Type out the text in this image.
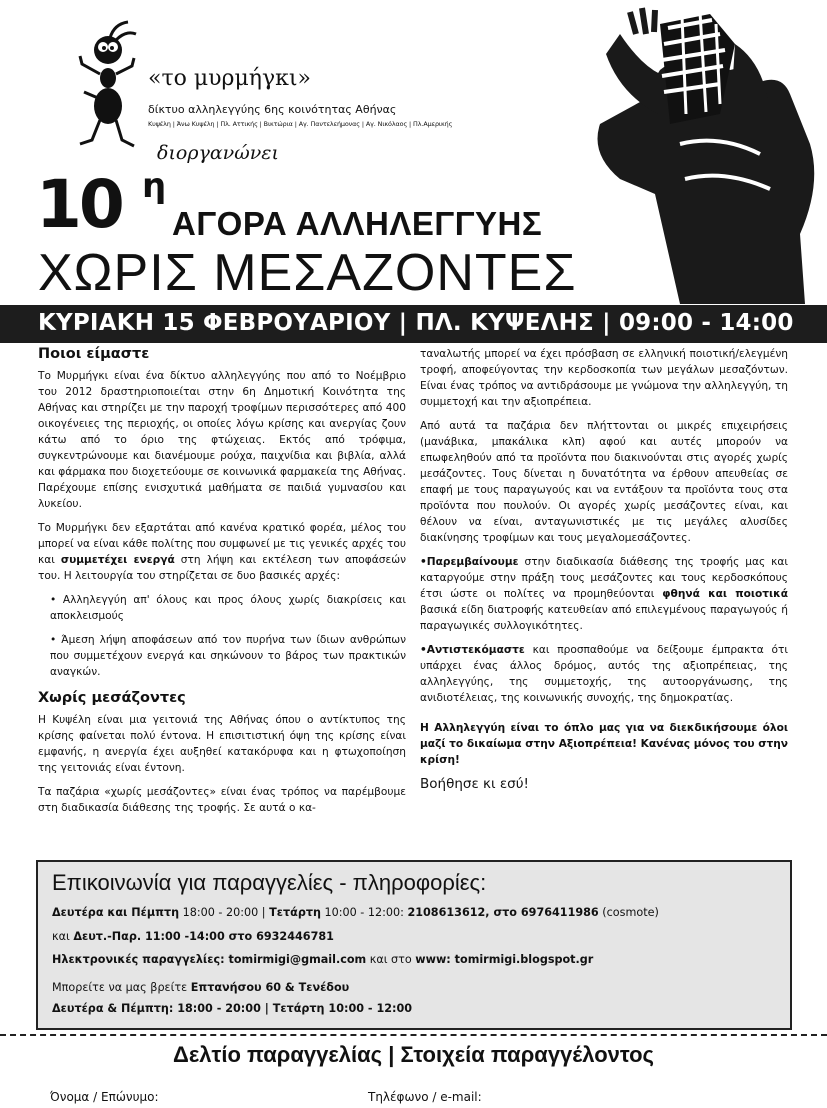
«το μυρμήγκι»
δίκτυο αλληλεγγύης 6ης κοινότητας Αθήνας
Κυψέλη | Άνω Κυψέλη | Πλ. Αττικής | Βικτώρια | Αγ. Παντελεήμονας | Αγ. Νικόλαος | Πλ.Αμερικής
διοργανώνει
10 η
ΑΓΟΡΑ ΑΛΛΗΛΕΓΓΥΗΣ
ΧΩΡΙΣ ΜΕΣΑΖΟΝΤΕΣ
ΚΥΡΙΑΚΗ 15 ΦΕΒΡΟΥΑΡΙΟΥ | ΠΛ. ΚΥΨΕΛΗΣ | 09:00 - 14:00
Ποιοι είμαστε

Το Μυρμήγκι είναι ένα δίκτυο αλληλεγγύης που από το Νοέμβριο του 2012 δραστηριοποιείται στην 6η Δημοτική Κοινότητα της Αθήνας και στηρίζει με την παροχή τροφίμων περισσότερες από 400 οικογένειες της περιοχής, οι οποίες λόγω κρίσης και ανεργίας ζουν κάτω από το όριο της φτώχειας. Εκτός από τρόφιμα, συγκεντρώνουμε και διανέμουμε ρούχα, παιχνίδια και βιβλία, αλλά και φάρμακα που διοχετεύουμε σε κοινωνικά φαρμακεία της Αθήνας. Παρέχουμε επίσης ενισχυτικά μαθήματα σε παιδιά γυμνασίου και λυκείου.

Το Μυρμήγκι δεν εξαρτάται από κανένα κρατικό φορέα, μέλος του μπορεί να είναι κάθε πολίτης που συμφωνεί με τις γενικές αρχές του και συμμετέχει ενεργά στη λήψη και εκτέλεση των αποφάσεών του. Η λειτουργία του στηρίζεται σε δυο βασικές αρχές:

• Αλληλεγγύη απ' όλους και προς όλους χωρίς διακρίσεις και αποκλεισμούς

• Άμεση λήψη αποφάσεων από τον πυρήνα των ίδιων ανθρώπων που συμμετέχουν ενεργά και σηκώνουν το βάρος των πρακτικών αναγκών.

Χωρίς μεσάζοντες

Η Κυψέλη είναι μια γειτονιά της Αθήνας όπου ο αντίκτυπος της κρίσης φαίνεται πολύ έντονα. Η επισιτιστική όψη της κρίσης είναι εμφανής, η ανεργία έχει αυξηθεί κατακόρυφα και η φτωχοποίηση της γειτονιάς είναι έντονη.

Τα παζάρια «χωρίς μεσάζοντες» είναι ένας τρόπος να παρέμβουμε στη διαδικασία διάθεσης της τροφής. Σε αυτά ο κα-

ταναλωτής μπορεί να έχει πρόσβαση σε ελληνική ποιοτική/ελεγμένη τροφή, αποφεύγοντας την κερδοσκοπία των μεγάλων μεσαζόντων. Είναι ένας τρόπος να αντιδράσουμε με γνώμονα την αλληλεγγύη, τη συμμετοχή και την αξιοπρέπεια.

Από αυτά τα παζάρια δεν πλήττονται οι μικρές επιχειρήσεις (μανάβικα, μπακάλικα κλπ) αφού και αυτές μπορούν να επωφεληθούν από τα προϊόντα που διακινούνται στις αγορές χωρίς μεσάζοντες. Τους δίνεται η δυνατότητα να έρθουν απευθείας σε επαφή με τους παραγωγούς και να εντάξουν τα προϊόντα τους στα προϊόντα που πουλούν. Οι αγορές χωρίς μεσάζοντες είναι, και θέλουν να είναι, ανταγωνιστικές με τις μεγάλες αλυσίδες διακίνησης τροφίμων και τους μεγαλομεσάζοντες.

•Παρεμβαίνουμε στην διαδικασία διάθεσης της τροφής μας και καταργούμε στην πράξη τους μεσάζοντες και τους κερδοσκόπους έτσι ώστε οι πολίτες να προμηθεύονται φθηνά και ποιοτικά βασικά είδη διατροφής κατευθείαν από επιλεγμένους παραγωγούς ή παραγωγικές συλλογικότητες.

•Αντιστεκόμαστε και προσπαθούμε να δείξουμε έμπρακτα ότι υπάρχει ένας άλλος δρόμος, αυτός της αξιοπρέπειας, της αλληλεγγύης, της συμμετοχής, της αυτοοργάνωσης, της ανιδιοτέλειας, της κοινωνικής συνοχής, της δημοκρατίας.

Η Αλληλεγγύη είναι το όπλο μας για να διεκδικήσουμε όλοι μαζί το δικαίωμα στην Αξιοπρέπεια! Κανένας μόνος του στην κρίση!

Βοήθησε κι εσύ!

Επικοινωνία για παραγγελίες - πληροφορίες:
Δευτέρα και Πέμπτη 18:00 - 20:00 | Τετάρτη 10:00 - 12:00: 2108613612, στο 6976411986 (cosmote)
και Δευτ.-Παρ. 11:00 -14:00 στο 6932446781
Ηλεκτρονικές παραγγελίες: tomirmigi@gmail.com και στο www: tomirmigi.blogspot.gr
Μπορείτε να μας βρείτε Επτανήσου 60 & Τενέδου
Δευτέρα & Πέμπτη: 18:00 - 20:00 | Τετάρτη 10:00 - 12:00
Δελτίο παραγγελίας | Στοιχεία παραγγέλοντος
Όνομα / Επώνυμο:	Τηλέφωνο / e-mail:
